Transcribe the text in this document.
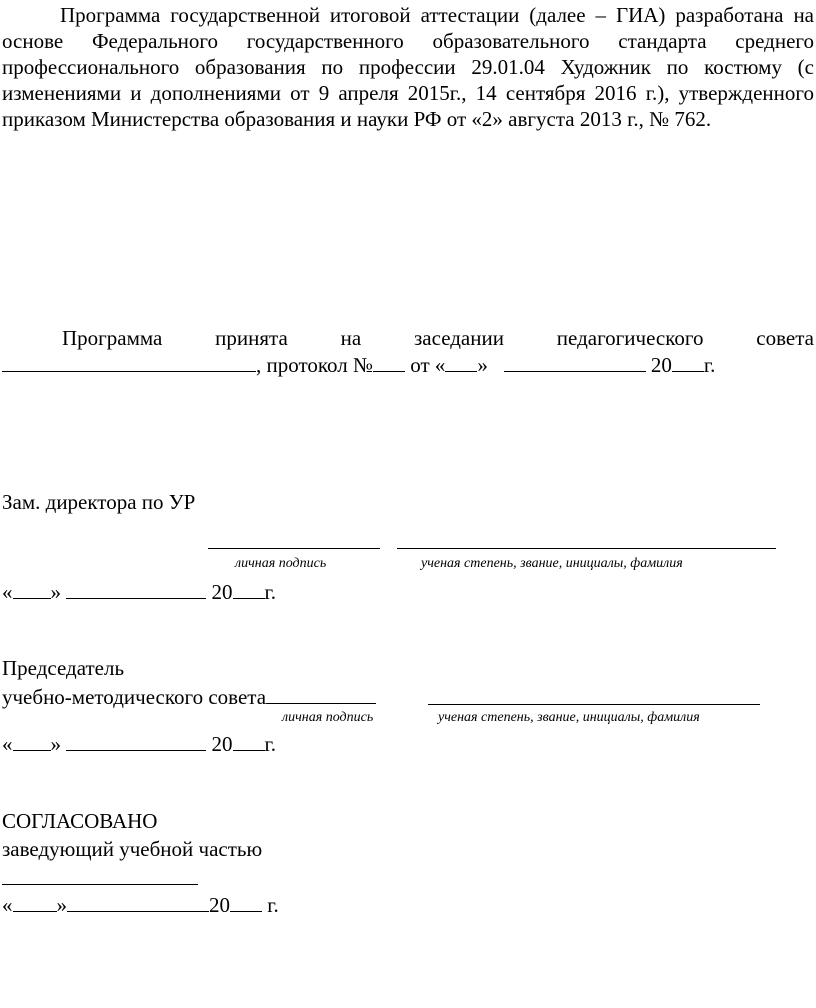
Программа государственной итоговой аттестации (далее – ГИА) разработана на основе Федерального государственного образовательного стандарта среднего профессионального образования по профессии 29.01.04 Художник по костюму (с изменениями и дополнениями от 9 апреля 2015г., 14 сентября 2016 г.), утвержденного приказом Министерства образования и науки РФ от «2» августа 2013 г., № 762.
Программа	принята	на	заседании	педагогического	совета
, протокол № от « »	20 г.
Зам. директора по УР
личная подпись	ученая степень, звание, инициалы, фамилия
« »	20 г.
Председатель
учебно-методического совета
личная подпись	ученая степень, звание, инициалы, фамилия
« »	20 г.
СОГЛАСОВАНО
заведующий учебной частью
« »	20 г.
